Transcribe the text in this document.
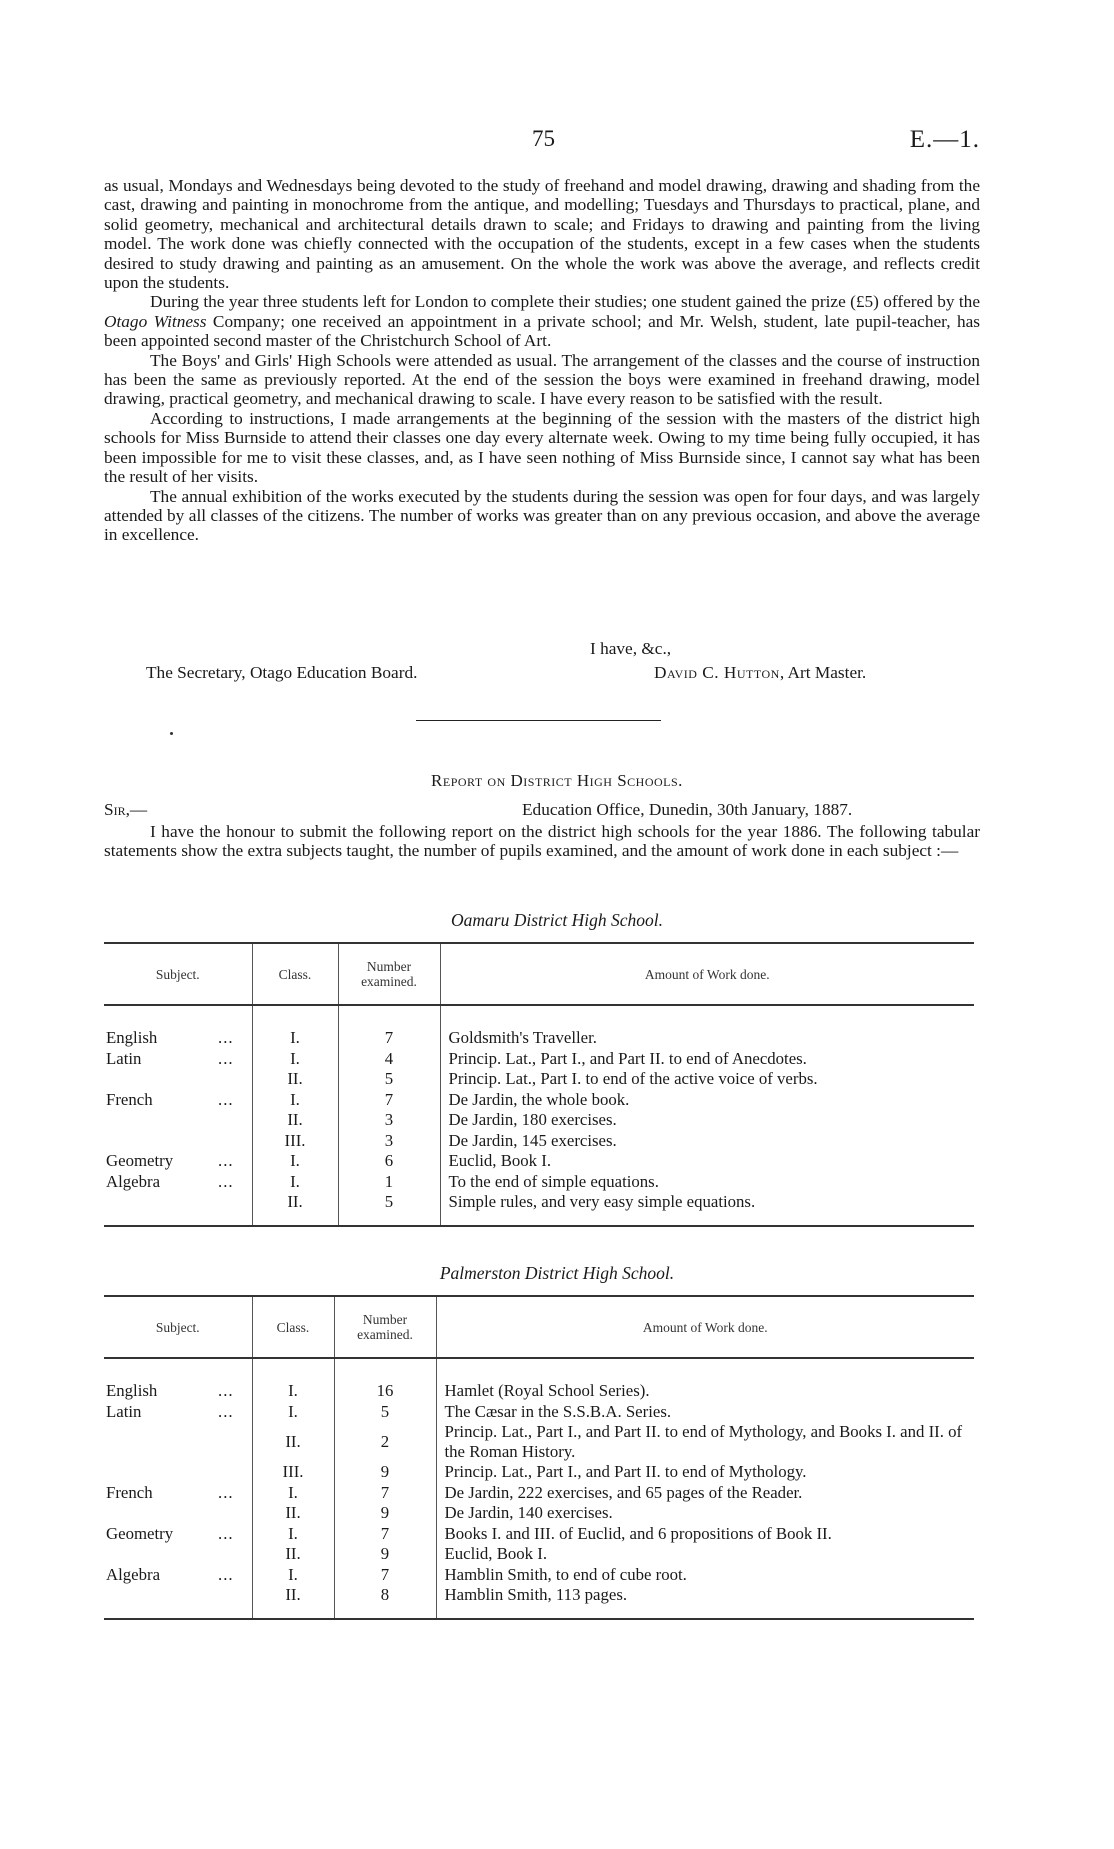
75	E.—1.

as usual, Mondays and Wednesdays being devoted to the study of freehand and model drawing, drawing and shading from the cast, drawing and painting in monochrome from the antique, and modelling; Tuesdays and Thursdays to practical, plane, and solid geometry, mechanical and architectural details drawn to scale; and Fridays to drawing and painting from the living model. The work done was chiefly connected with the occupation of the students, except in a few cases when the students desired to study drawing and painting as an amusement. On the whole the work was above the average, and reflects credit upon the students.

During the year three students left for London to complete their studies; one student gained the prize (£5) offered by the Otago Witness Company; one received an appointment in a private school; and Mr. Welsh, student, late pupil-teacher, has been appointed second master of the Christchurch School of Art.

The Boys' and Girls' High Schools were attended as usual. The arrangement of the classes and the course of instruction has been the same as previously reported. At the end of the session the boys were examined in freehand drawing, model drawing, practical geometry, and mechanical drawing to scale. I have every reason to be satisfied with the result.

According to instructions, I made arrangements at the beginning of the session with the masters of the district high schools for Miss Burnside to attend their classes one day every alternate week. Owing to my time being fully occupied, it has been impossible for me to visit these classes, and, as I have seen nothing of Miss Burnside since, I cannot say what has been the result of her visits.

The annual exhibition of the works executed by the students during the session was open for four days, and was largely attended by all classes of the citizens. The number of works was greater than on any previous occasion, and above the average in excellence.

I have, &c.,
The Secretary, Otago Education Board.	David C. Hutton, Art Master.
Report on District High Schools.
Sir,—	Education Office, Dunedin, 30th January, 1887.

I have the honour to submit the following report on the district high schools for the year 1886. The following tabular statements show the extra subjects taught, the number of pupils examined, and the amount of work done in each subject :—

Oamaru District High School.
Subject.	Class.	Number
examined.	Amount of Work done.

English ...	I.	7	Goldsmith's Traveller.
Latin ...	I.	4	Princip. Lat., Part I., and Part II. to end of Anecdotes.
	II.	5	Princip. Lat., Part I. to end of the active voice of verbs.
French ...	I.	7	De Jardin, the whole book.
	II.	3	De Jardin, 180 exercises.
	III.	3	De Jardin, 145 exercises.
Geometry ...	I.	6	Euclid, Book I.
Algebra ...	I.	1	To the end of simple equations.
	II.	5	Simple rules, and very easy simple equations.
Palmerston District High School.
Subject.	Class.	Number
examined.	Amount of Work done.

English ...	I.	16	Hamlet (Royal School Series).
Latin ...	I.	5	The Cæsar in the S.S.B.A. Series.
	II.	2	Princip. Lat., Part I., and Part II. to end of Mythology, and Books I. and II. of the Roman History.
	III.	9	Princip. Lat., Part I., and Part II. to end of Mythology.
French ...	I.	7	De Jardin, 222 exercises, and 65 pages of the Reader.
	II.	9	De Jardin, 140 exercises.
Geometry ...	I.	7	Books I. and III. of Euclid, and 6 propositions of Book II.
	II.	9	Euclid, Book I.
Algebra ...	I.	7	Hamblin Smith, to end of cube root.
	II.	8	Hamblin Smith, 113 pages.
